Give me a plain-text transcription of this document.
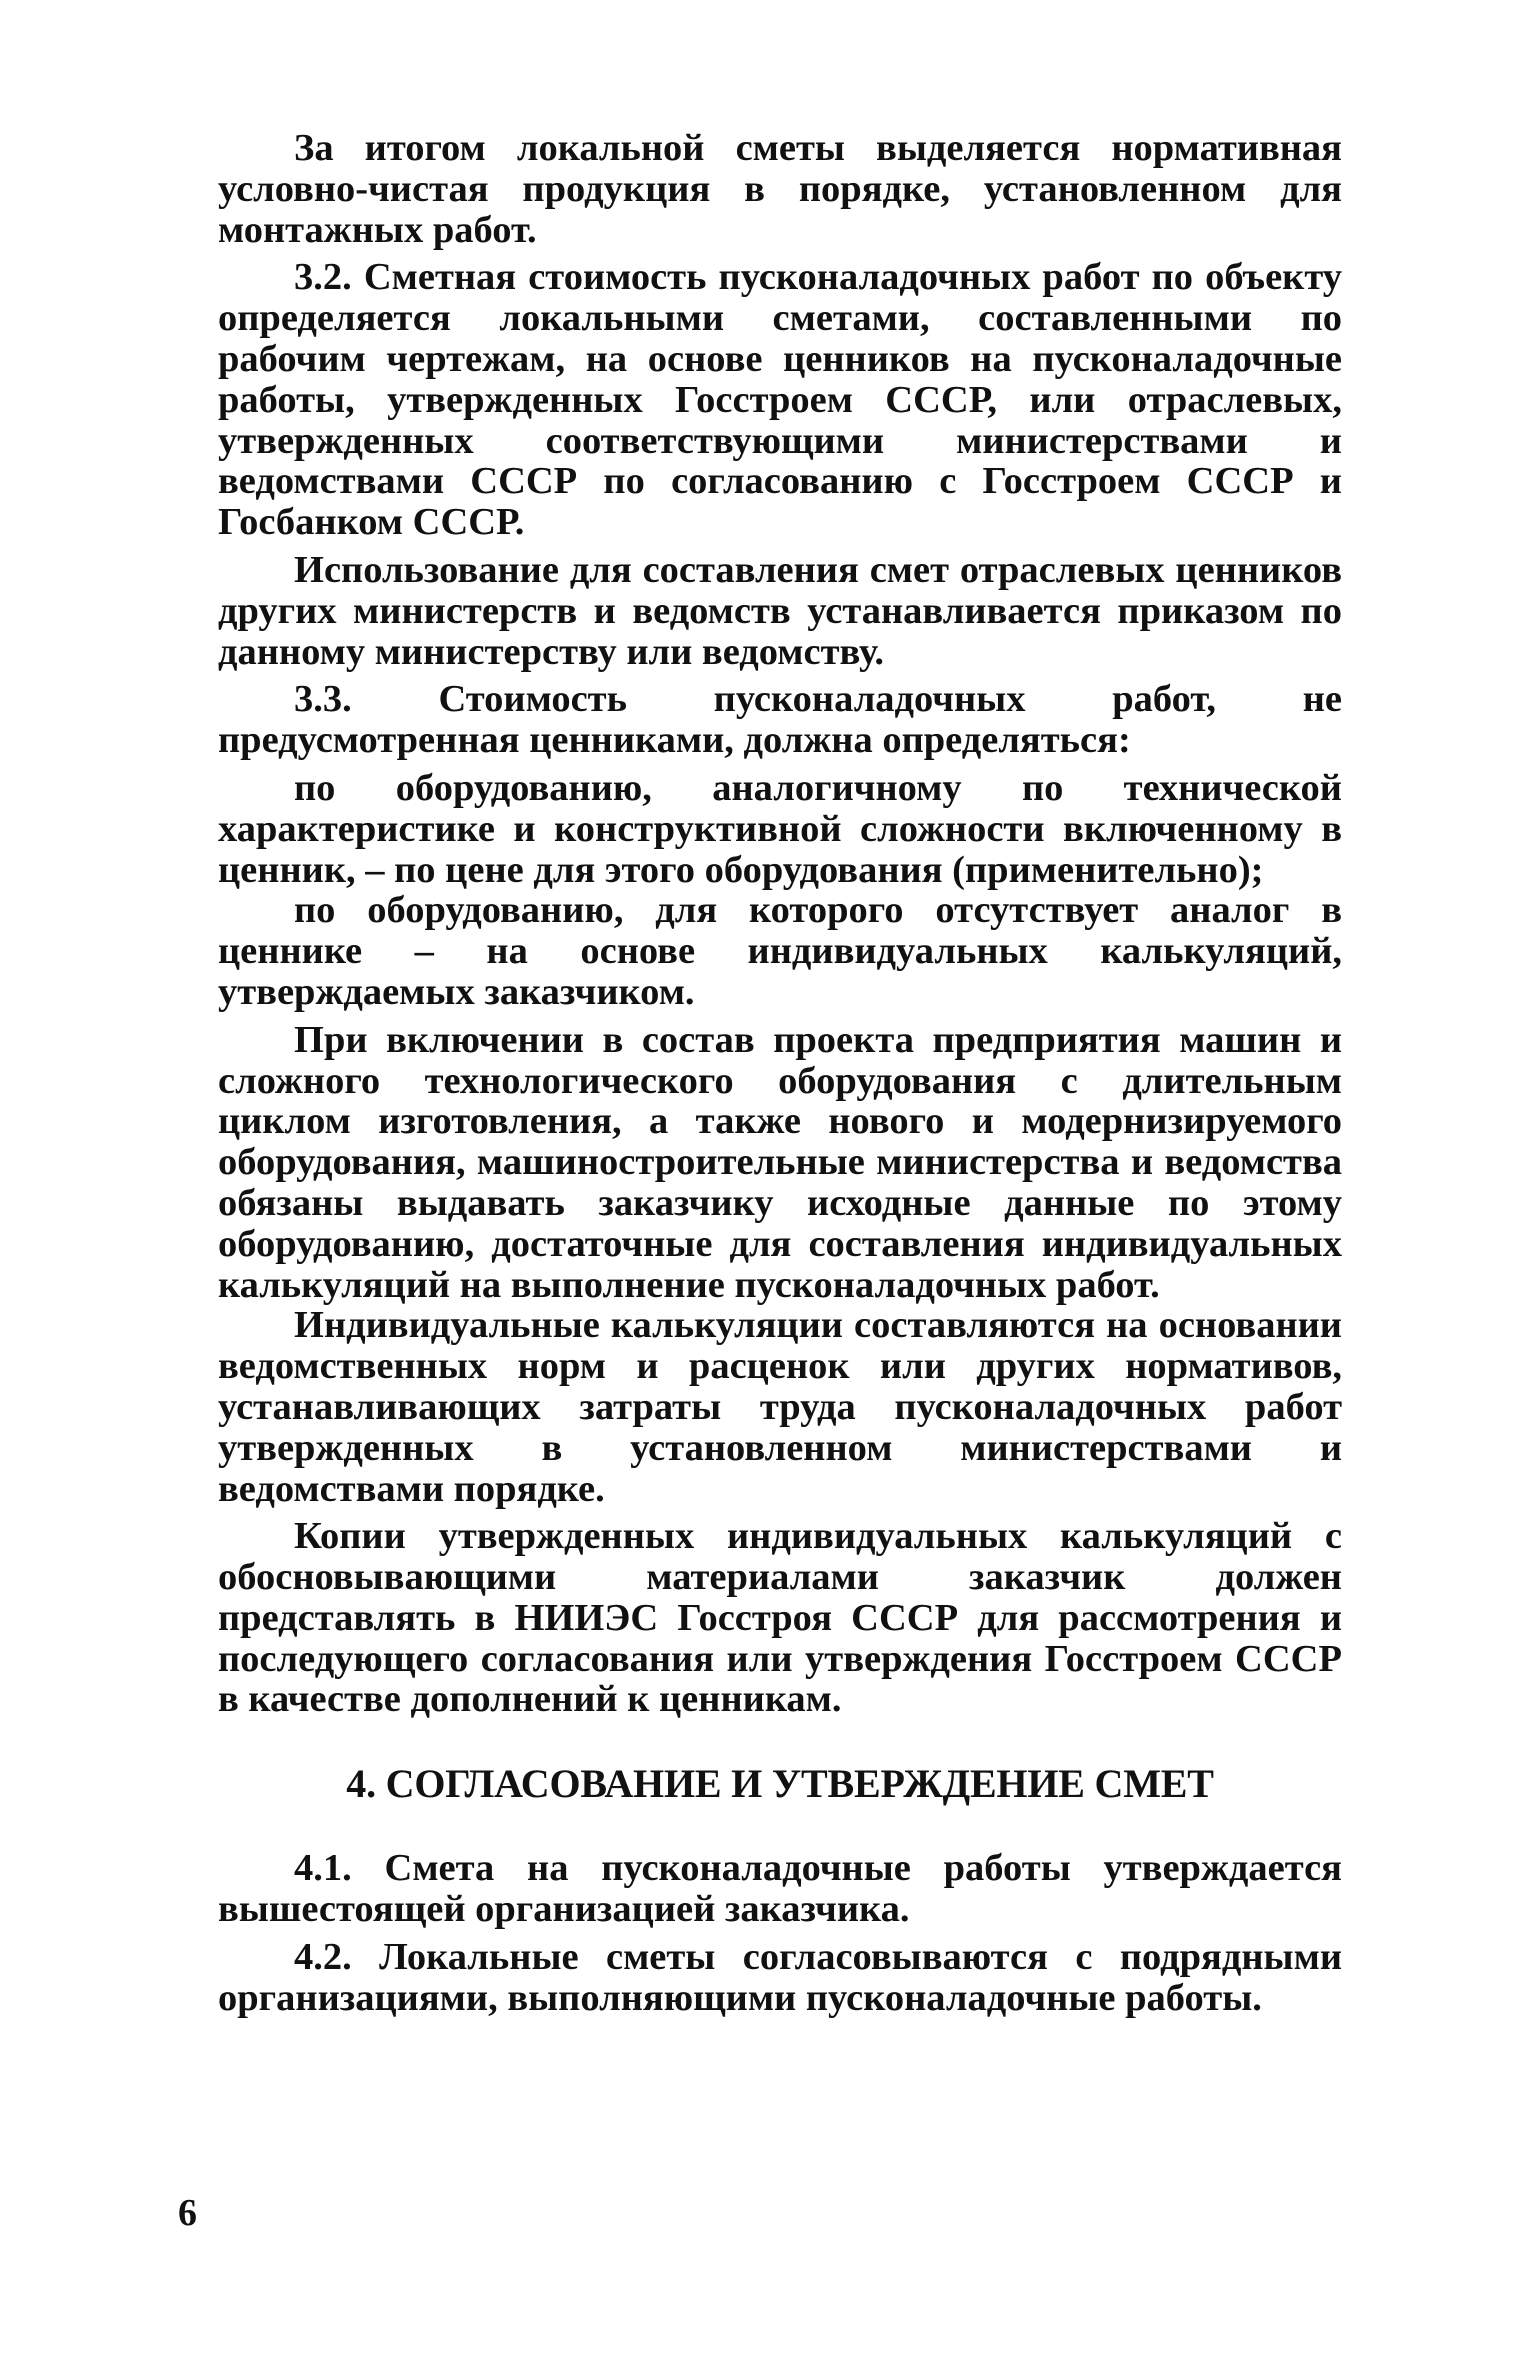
За итогом локальной сметы выделяется нормативная условно-чистая продукция в порядке, установленном для монтажных работ.

3.2. Сметная стоимость пусконаладочных работ по объекту определяется локальными сметами, составленными по рабочим чертежам, на основе ценников на пусконаладочные работы, утвержденных Госстроем СССР, или отраслевых, утвержденных соответствующими министерствами и ведомствами СССР по согласованию с Госстроем СССР и Госбанком СССР.

Использование для составления смет отраслевых ценников других министерств и ведомств устанавливается приказом по данному министерству или ведомству.

3.3. Стоимость пусконаладочных работ, не предусмотренная ценниками, должна определяться:

по оборудованию, аналогичному по технической характеристике и конструктивной сложности включенному в ценник, – по цене для этого оборудования (применительно);

по оборудованию, для которого отсутствует аналог в ценнике – на основе индивидуальных калькуляций, утверждаемых заказчиком.

При включении в состав проекта предприятия машин и сложного технологического оборудования с длительным циклом изготовления, а также нового и модернизируемого оборудования, машиностроительные министерства и ведомства обязаны выдавать заказчику исходные данные по этому оборудованию, достаточные для составления индивидуальных калькуляций на выполнение пусконаладочных работ.

Индивидуальные калькуляции составляются на основании ведомственных норм и расценок или других нормативов, устанавливающих затраты труда пусконаладочных работ утвержденных в установленном министерствами и ведомствами порядке.

Копии утвержденных индивидуальных калькуляций с обосновывающими материалами заказчик должен представлять в НИИЭС Госстроя СССР для рассмотрения и последующего согласования или утверждения Госстроем СССР в качестве дополнений к ценникам.

4. СОГЛАСОВАНИЕ И УТВЕРЖДЕНИЕ СМЕТ

4.1. Смета на пусконаладочные работы утверждается вышестоящей организацией заказчика.

4.2. Локальные сметы согласовываются с подрядными организациями, выполняющими пусконаладочные работы.

6
